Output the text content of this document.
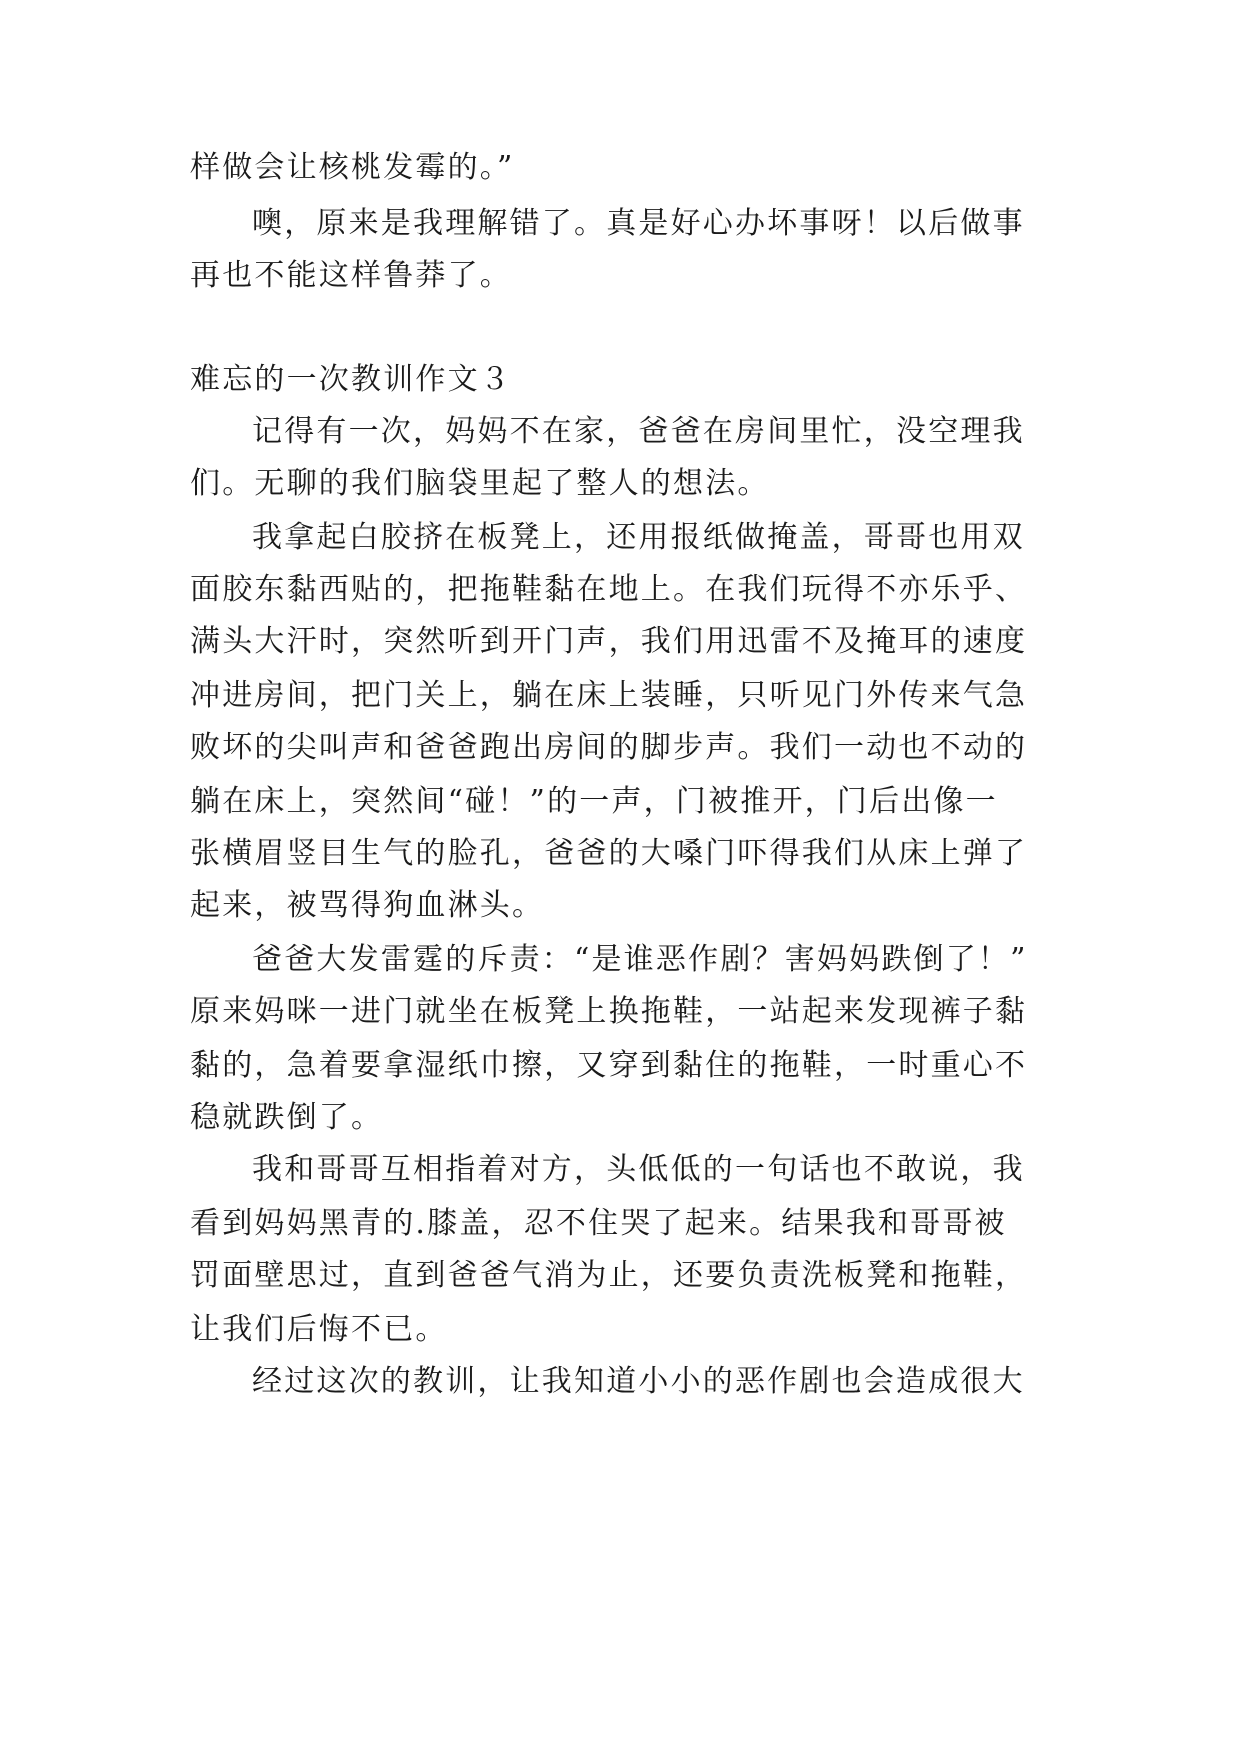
样做会让核桃发霉的。”
噢，原来是我理解错了。真是好心办坏事呀！以后做事
再也不能这样鲁莽了。
难忘的一次教训作文３
记得有一次，妈妈不在家，爸爸在房间里忙，没空理我
们。无聊的我们脑袋里起了整人的想法。
我拿起白胶挤在板凳上，还用报纸做掩盖，哥哥也用双
面胶东黏西贴的，把拖鞋黏在地上。在我们玩得不亦乐乎、
满头大汗时，突然听到开门声，我们用迅雷不及掩耳的速度
冲进房间，把门关上，躺在床上装睡，只听见门外传来气急
败坏的尖叫声和爸爸跑出房间的脚步声。我们一动也不动的
躺在床上，突然间“碰！”的一声，门被推开，门后出像一
张横眉竖目生气的脸孔，爸爸的大嗓门吓得我们从床上弹了
起来，被骂得狗血淋头。
爸爸大发雷霆的斥责：“是谁恶作剧？害妈妈跌倒了！”
原来妈咪一进门就坐在板凳上换拖鞋，一站起来发现裤子黏
黏的，急着要拿湿纸巾擦，又穿到黏住的拖鞋，一时重心不
稳就跌倒了。
我和哥哥互相指着对方，头低低的一句话也不敢说，我
看到妈妈黑青的.膝盖，忍不住哭了起来。结果我和哥哥被
罚面壁思过，直到爸爸气消为止，还要负责洗板凳和拖鞋，
让我们后悔不已。
经过这次的教训，让我知道小小的恶作剧也会造成很大
